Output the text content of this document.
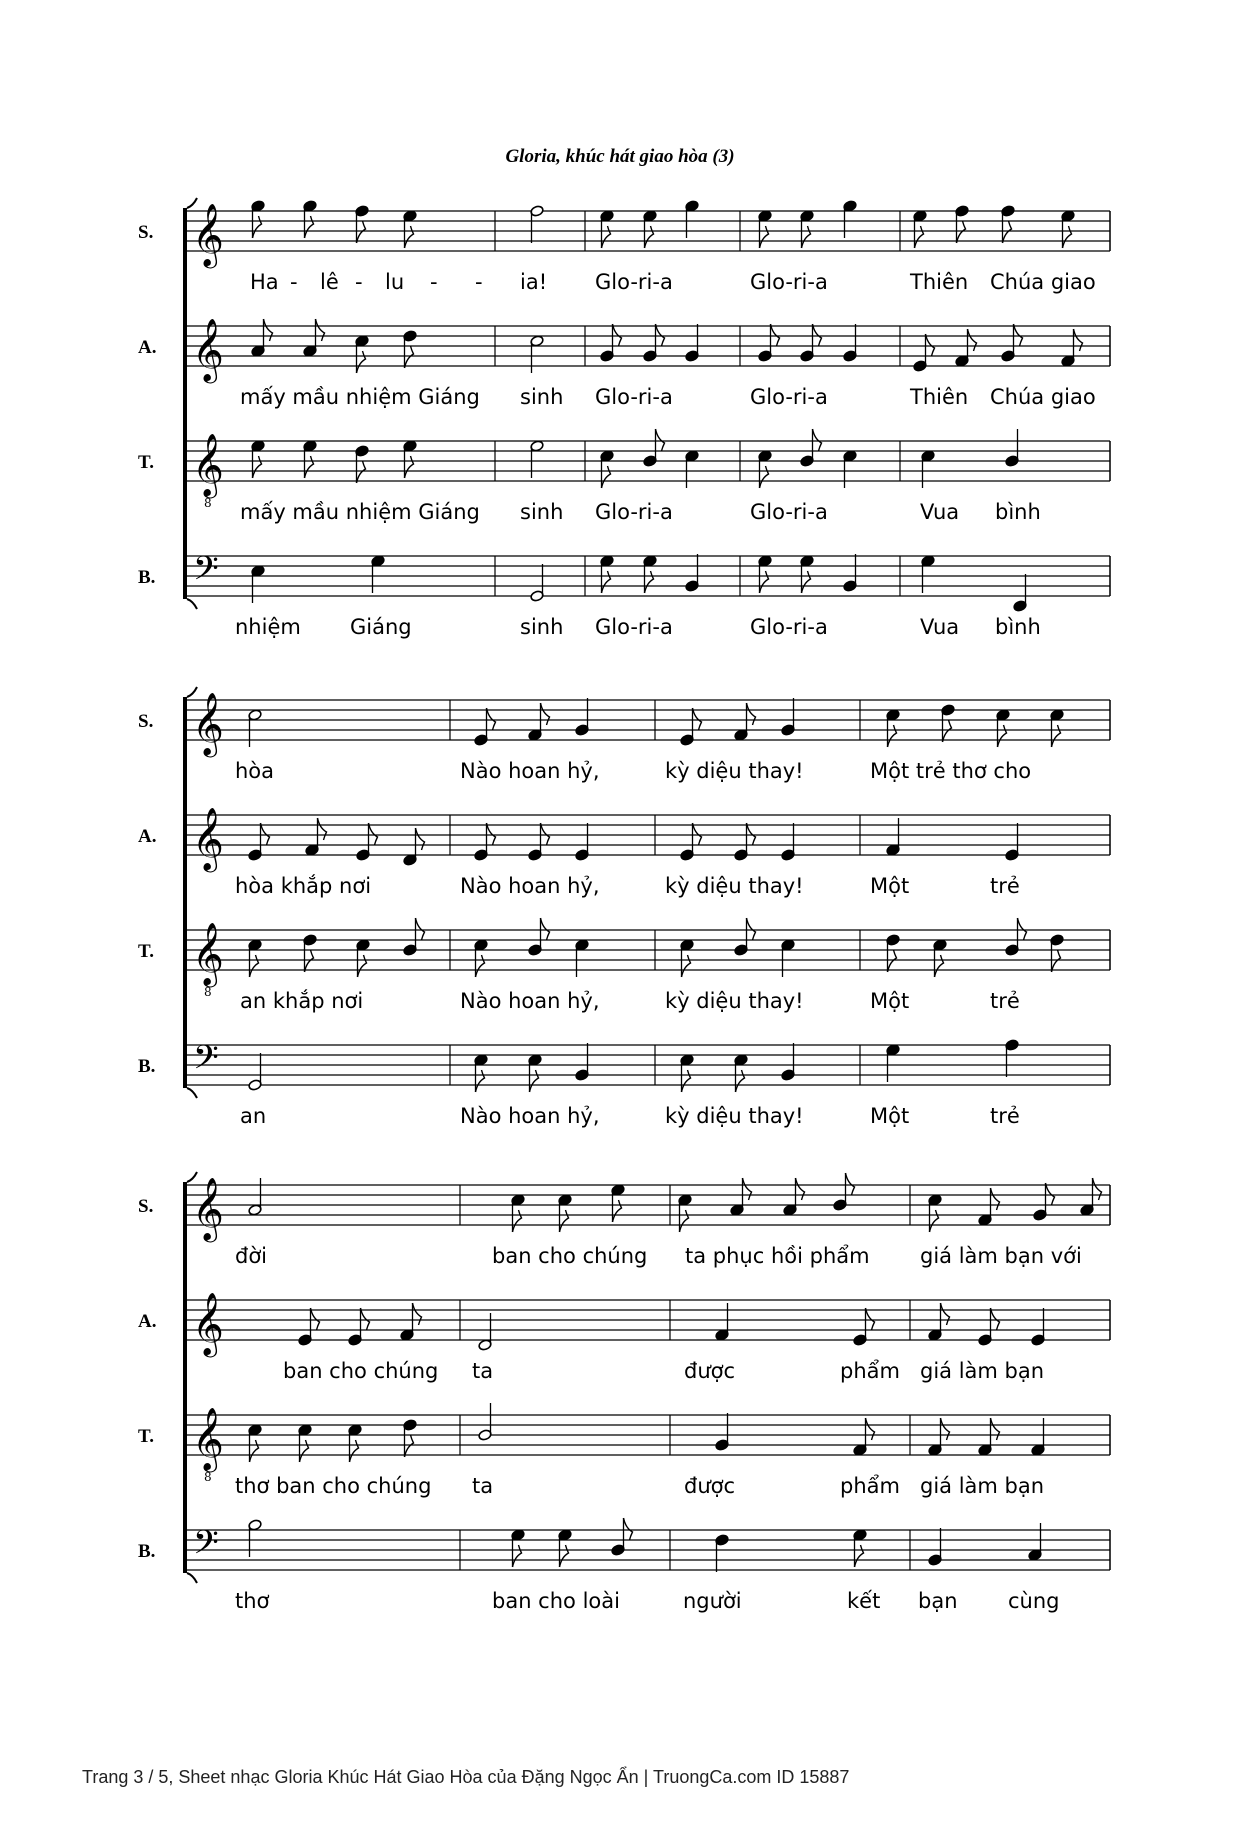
Gloria, khúc hát giao hòa (3)
S. 𝄞
Ha - lê - lu - - ia! Glo-ri-a	Glo-ri-a	Thiên Chúa giao
A. 𝄞
mấy mầu nhiệm Giáng sinh Glo-ri-a	Glo-ri-a	Thiên Chúa giao
T. 𝄞
8 mấy mầu nhiệm Giáng sinh Glo-ri-a	Glo-ri-a	Vua bình
B. 𝄢
nhiệm Giáng	sinh Glo-ri-a	Glo-ri-a	Vua bình
S. 𝄞
hòa	Nào hoan hỷ,	kỳ diệu thay!	Một trẻ thơ cho
A. 𝄞
hòa khắp nơi	Nào hoan hỷ,	kỳ diệu thay!	Một	trẻ
T. 𝄞
8 an khắp nơi	Nào hoan hỷ,	kỳ diệu thay!	Một	trẻ
B. 𝄢
an	Nào hoan hỷ,	kỳ diệu thay!	Một	trẻ
S. 𝄞
đời	ban cho chúng ta phục hồi phẩm giá làm bạn với
A. 𝄞
ban cho chúng ta	được	phẩm giá làm bạn
T. 𝄞
8 thơ ban cho chúng ta	được	phẩm giá làm bạn
B. 𝄢
thơ	ban cho loài	người	kết bạn cùng
Trang 3 / 5, Sheet nhạc Gloria Khúc Hát Giao Hòa của Đặng Ngọc Ẩn | TruongCa.com ID 15887
